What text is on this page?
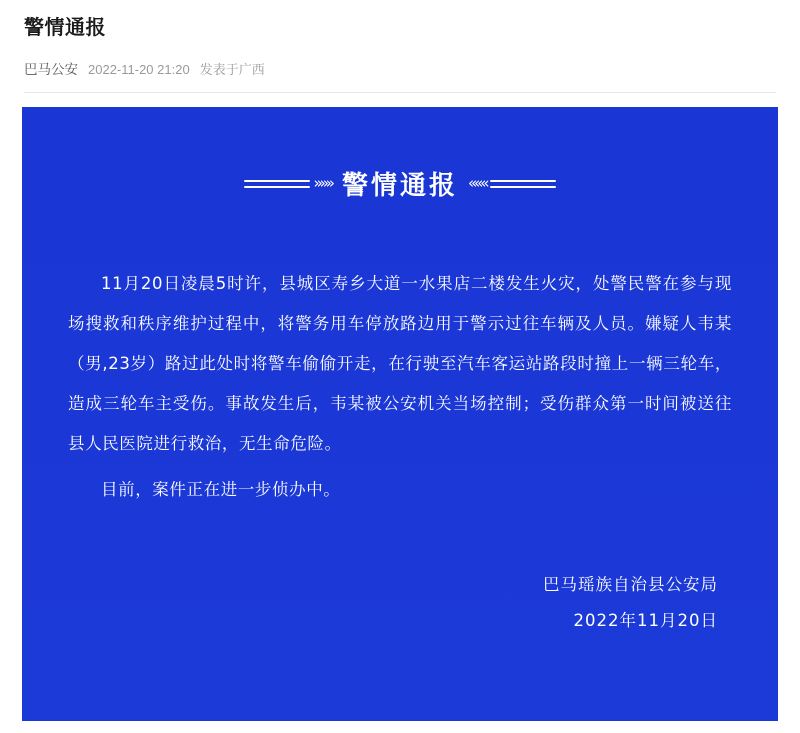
警情通报
巴马公安 2022-11-20 21:20 发表于广西
»»» 警情通报 «««

11月20日凌晨5时许，县城区寿乡大道一水果店二楼发生火灾，处警民警在参与现场搜救和秩序维护过程中，将警务用车停放路边用于警示过往车辆及人员。嫌疑人韦某（男,23岁）路过此处时将警车偷偷开走，在行驶至汽车客运站路段时撞上一辆三轮车，造成三轮车主受伤。事故发生后，韦某被公安机关当场控制；受伤群众第一时间被送往县人民医院进行救治，无生命危险。

目前，案件正在进一步侦办中。

巴马瑶族自治县公安局
2022年11月20日
